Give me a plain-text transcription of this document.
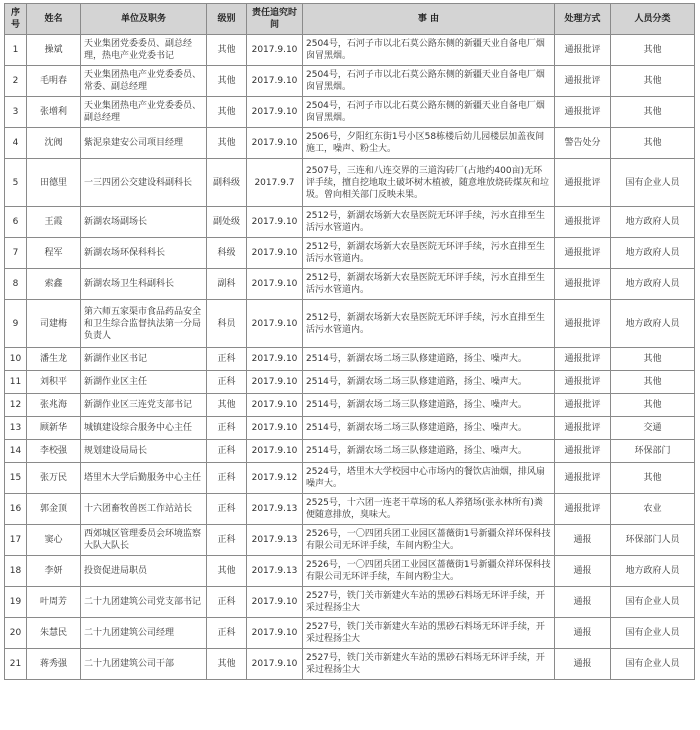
序号	姓名	单位及职务	级别	责任追究时间	事 由	处理方式	人员分类
1	操斌	天业集团党委委员、副总经理，热电产业党委书记	其他	2017.9.10	2504号，石河子市以北石莫公路东侧的新疆天业自备电厂烟囱冒黑烟。	通报批评	其他
2	毛明春	天业集团热电产业党委委员、常委、副总经理	其他	2017.9.10	2504号，石河子市以北石莫公路东侧的新疆天业自备电厂烟囱冒黑烟。	通报批评	其他
3	张增利	天业集团热电产业党委委员、副总经理	其他	2017.9.10	2504号，石河子市以北石莫公路东侧的新疆天业自备电厂烟囱冒黑烟。	通报批评	其他
4	沈阀	紫泥泉建安公司项目经理	其他	2017.9.10	2506号，夕阳红东街1号小区58栋楼后幼儿园楼层加盖夜间施工，噪声、粉尘大。	警告处分	其他
5	田德里	一三四团公交建设科副科长	副科级	2017.9.7	2507号，三连和八连交界的三道沟砖厂(占地约400亩)无环评手续，擅自挖地取土破坏树木植被，随意堆放烧砖煤灰和垃圾。曾向相关部门反映未果。	通报批评	国有企业人员
6	王霞	新湖农场副场长	副处级	2017.9.10	2512号，新湖农场新大农垦医院无环评手续，污水直排至生活污水管道内。	通报批评	地方政府人员
7	程军	新湖农场环保科科长	科级	2017.9.10	2512号，新湖农场新大农垦医院无环评手续，污水直排至生活污水管道内。	通报批评	地方政府人员
8	索鑫	新湖农场卫生科副科长	副科	2017.9.10	2512号，新湖农场新大农垦医院无环评手续，污水直排至生活污水管道内。	通报批评	地方政府人员
9	司建梅	第六师五家渠市食品药品安全和卫生综合监督执法第一分局负责人	科员	2017.9.10	2512号，新湖农场新大农垦医院无环评手续，污水直排至生活污水管道内。	通报批评	地方政府人员
10	潘生龙	新湖作业区书记	正科	2017.9.10	2514号，新湖农场二场三队修建道路，扬尘、噪声大。	通报批评	其他
11	刘积平	新湖作业区主任	正科	2017.9.10	2514号，新湖农场二场三队修建道路，扬尘、噪声大。	通报批评	其他
12	张兆海	新湖作业区三连党支部书记	其他	2017.9.10	2514号，新湖农场二场三队修建道路，扬尘、噪声大。	通报批评	其他
13	顾新华	城镇建设综合服务中心主任	正科	2017.9.10	2514号，新湖农场二场三队修建道路，扬尘、噪声大。	通报批评	交通
14	李校强	规划建设局局长	正科	2017.9.10	2514号，新湖农场二场三队修建道路，扬尘、噪声大。	通报批评	环保部门
15	张万民	塔里木大学后勤服务中心主任	正科	2017.9.12	2524号，塔里木大学校园中心市场内的餐饮店油烟，排风扇噪声大。	通报批评	其他
16	郭金顶	十六团畜牧兽医工作站站长	正科	2017.9.13	2525号，十六团一连老干草场的私人养猪场(张永林所有)粪便随意排放，臭味大。	通报批评	农业
17	窦心	西郊城区管理委员会环境监察大队大队长	正科	2017.9.13	2526号，一〇四团兵团工业园区蔷薇街1号新疆众祥环保科技有限公司无环评手续，车间内粉尘大。	通报	环保部门人员
18	李妍	投资促进局职员	其他	2017.9.13	2526号，一〇四团兵团工业园区蔷薇街1号新疆众祥环保科技有限公司无环评手续，车间内粉尘大。	通报	地方政府人员
19	叶周芳	二十九团建筑公司党支部书记	正科	2017.9.10	2527号，铁门关市新建火车站的黑砂石料场无环评手续，开采过程扬尘大	通报	国有企业人员
20	朱慧民	二十九团建筑公司经理	正科	2017.9.10	2527号，铁门关市新建火车站的黑砂石料场无环评手续，开采过程扬尘大	通报	国有企业人员
21	蒋秀强	二十九团建筑公司干部	其他	2017.9.10	2527号，铁门关市新建火车站的黑砂石料场无环评手续，开采过程扬尘大	通报	国有企业人员
